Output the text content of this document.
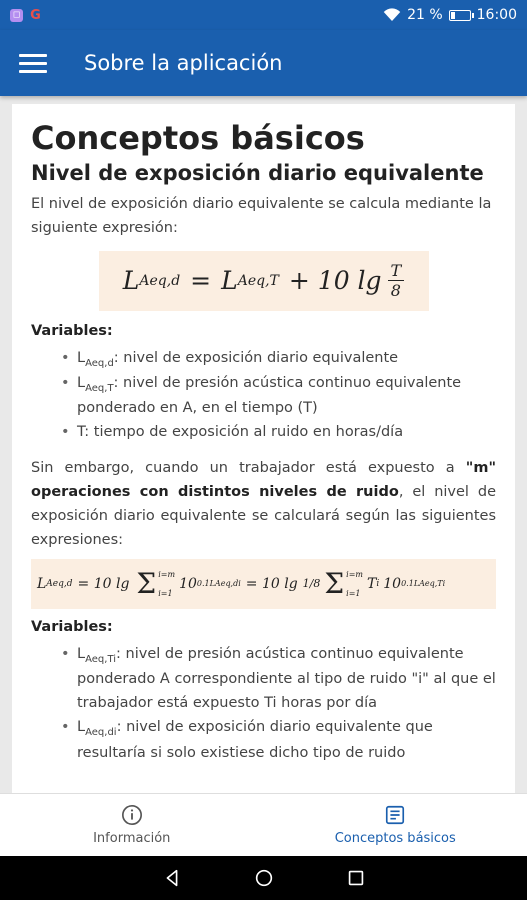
◻ G	21 % 16:00
Sobre la aplicación
Conceptos básicos
Nivel de exposición diario equivalente

El nivel de exposición diario equivalente se calcula mediante la siguiente expresión:

L Aeq,d = L Aeq,T + 10 $\lg \frac{T}{8}$
Variables:
• $L_{Aeq,d}$: nivel de exposición diario equivalente
• $L_{Aeq,T}$: nivel de presión acústica continuo equivalente ponderado en A, en el tiempo (T)
• T: tiempo de exposición al ruido en horas/día

Sin embargo, cuando un trabajador está expuesto a "m" operaciones con distintos niveles de ruido, el nivel de exposición diario equivalente se calculará según las siguientes expresiones:

L Aeq,d = 10 lg Σ i=m
i=1
10 0.1LAeq,di = 10 lg 1/8 Σ i=m
i=1
T i 10 0.1LAeq,Ti
Variables:
• $L_{Aeq,Ti}$: nivel de presión acústica continuo equivalente ponderado A correspondiente al tipo de ruido "i" al que el trabajador está expuesto Ti horas por día
• $L_{Aeq,di}$: nivel de exposición diario equivalente que resultaría si solo existiese dicho tipo de ruido
Información	Conceptos básicos
